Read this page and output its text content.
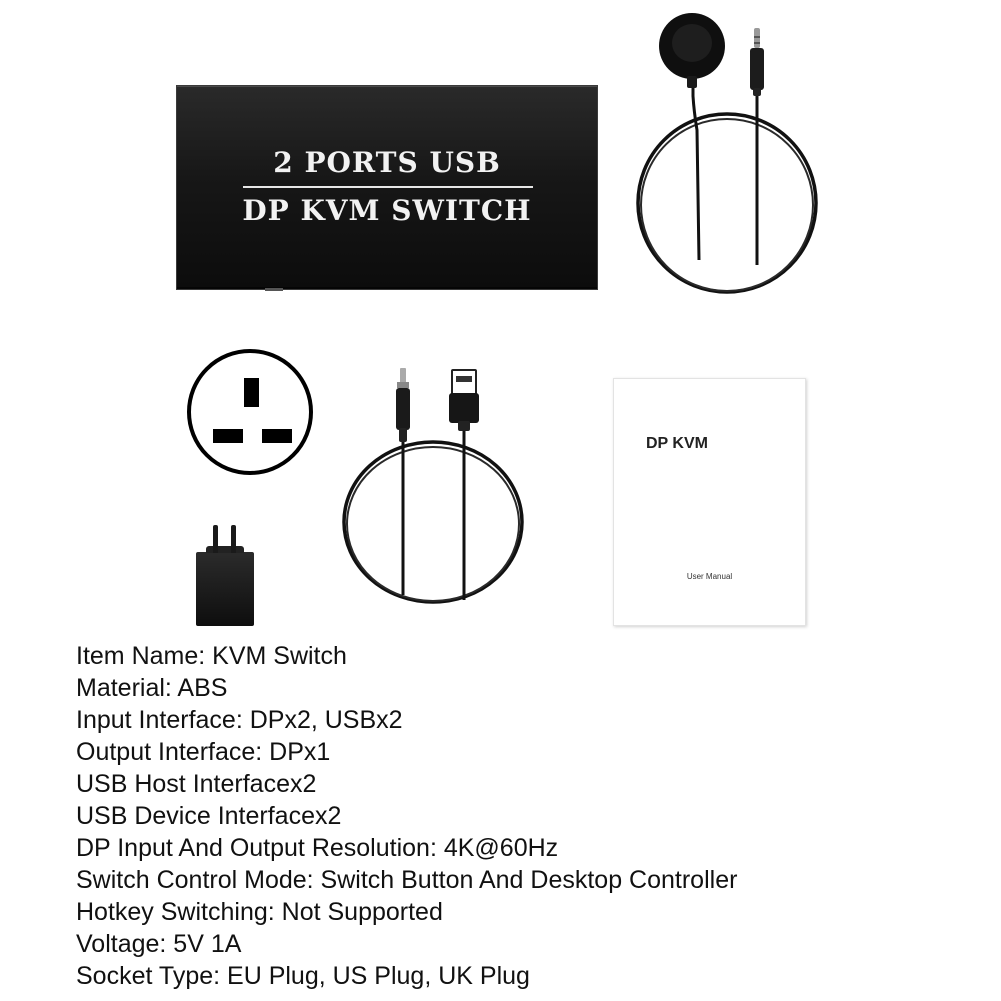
2 PORTS USB
DP KVM SWITCH
DP KVM
User Manual
Item Name: KVM Switch
Material: ABS
Input Interface: DPx2, USBx2
Output Interface: DPx1
USB Host Interfacex2
USB Device Interfacex2
DP Input And Output Resolution: 4K@60Hz
Switch Control Mode: Switch Button And Desktop Controller
Hotkey Switching: Not Supported
Voltage: 5V 1A
Socket Type: EU Plug, US Plug, UK Plug
